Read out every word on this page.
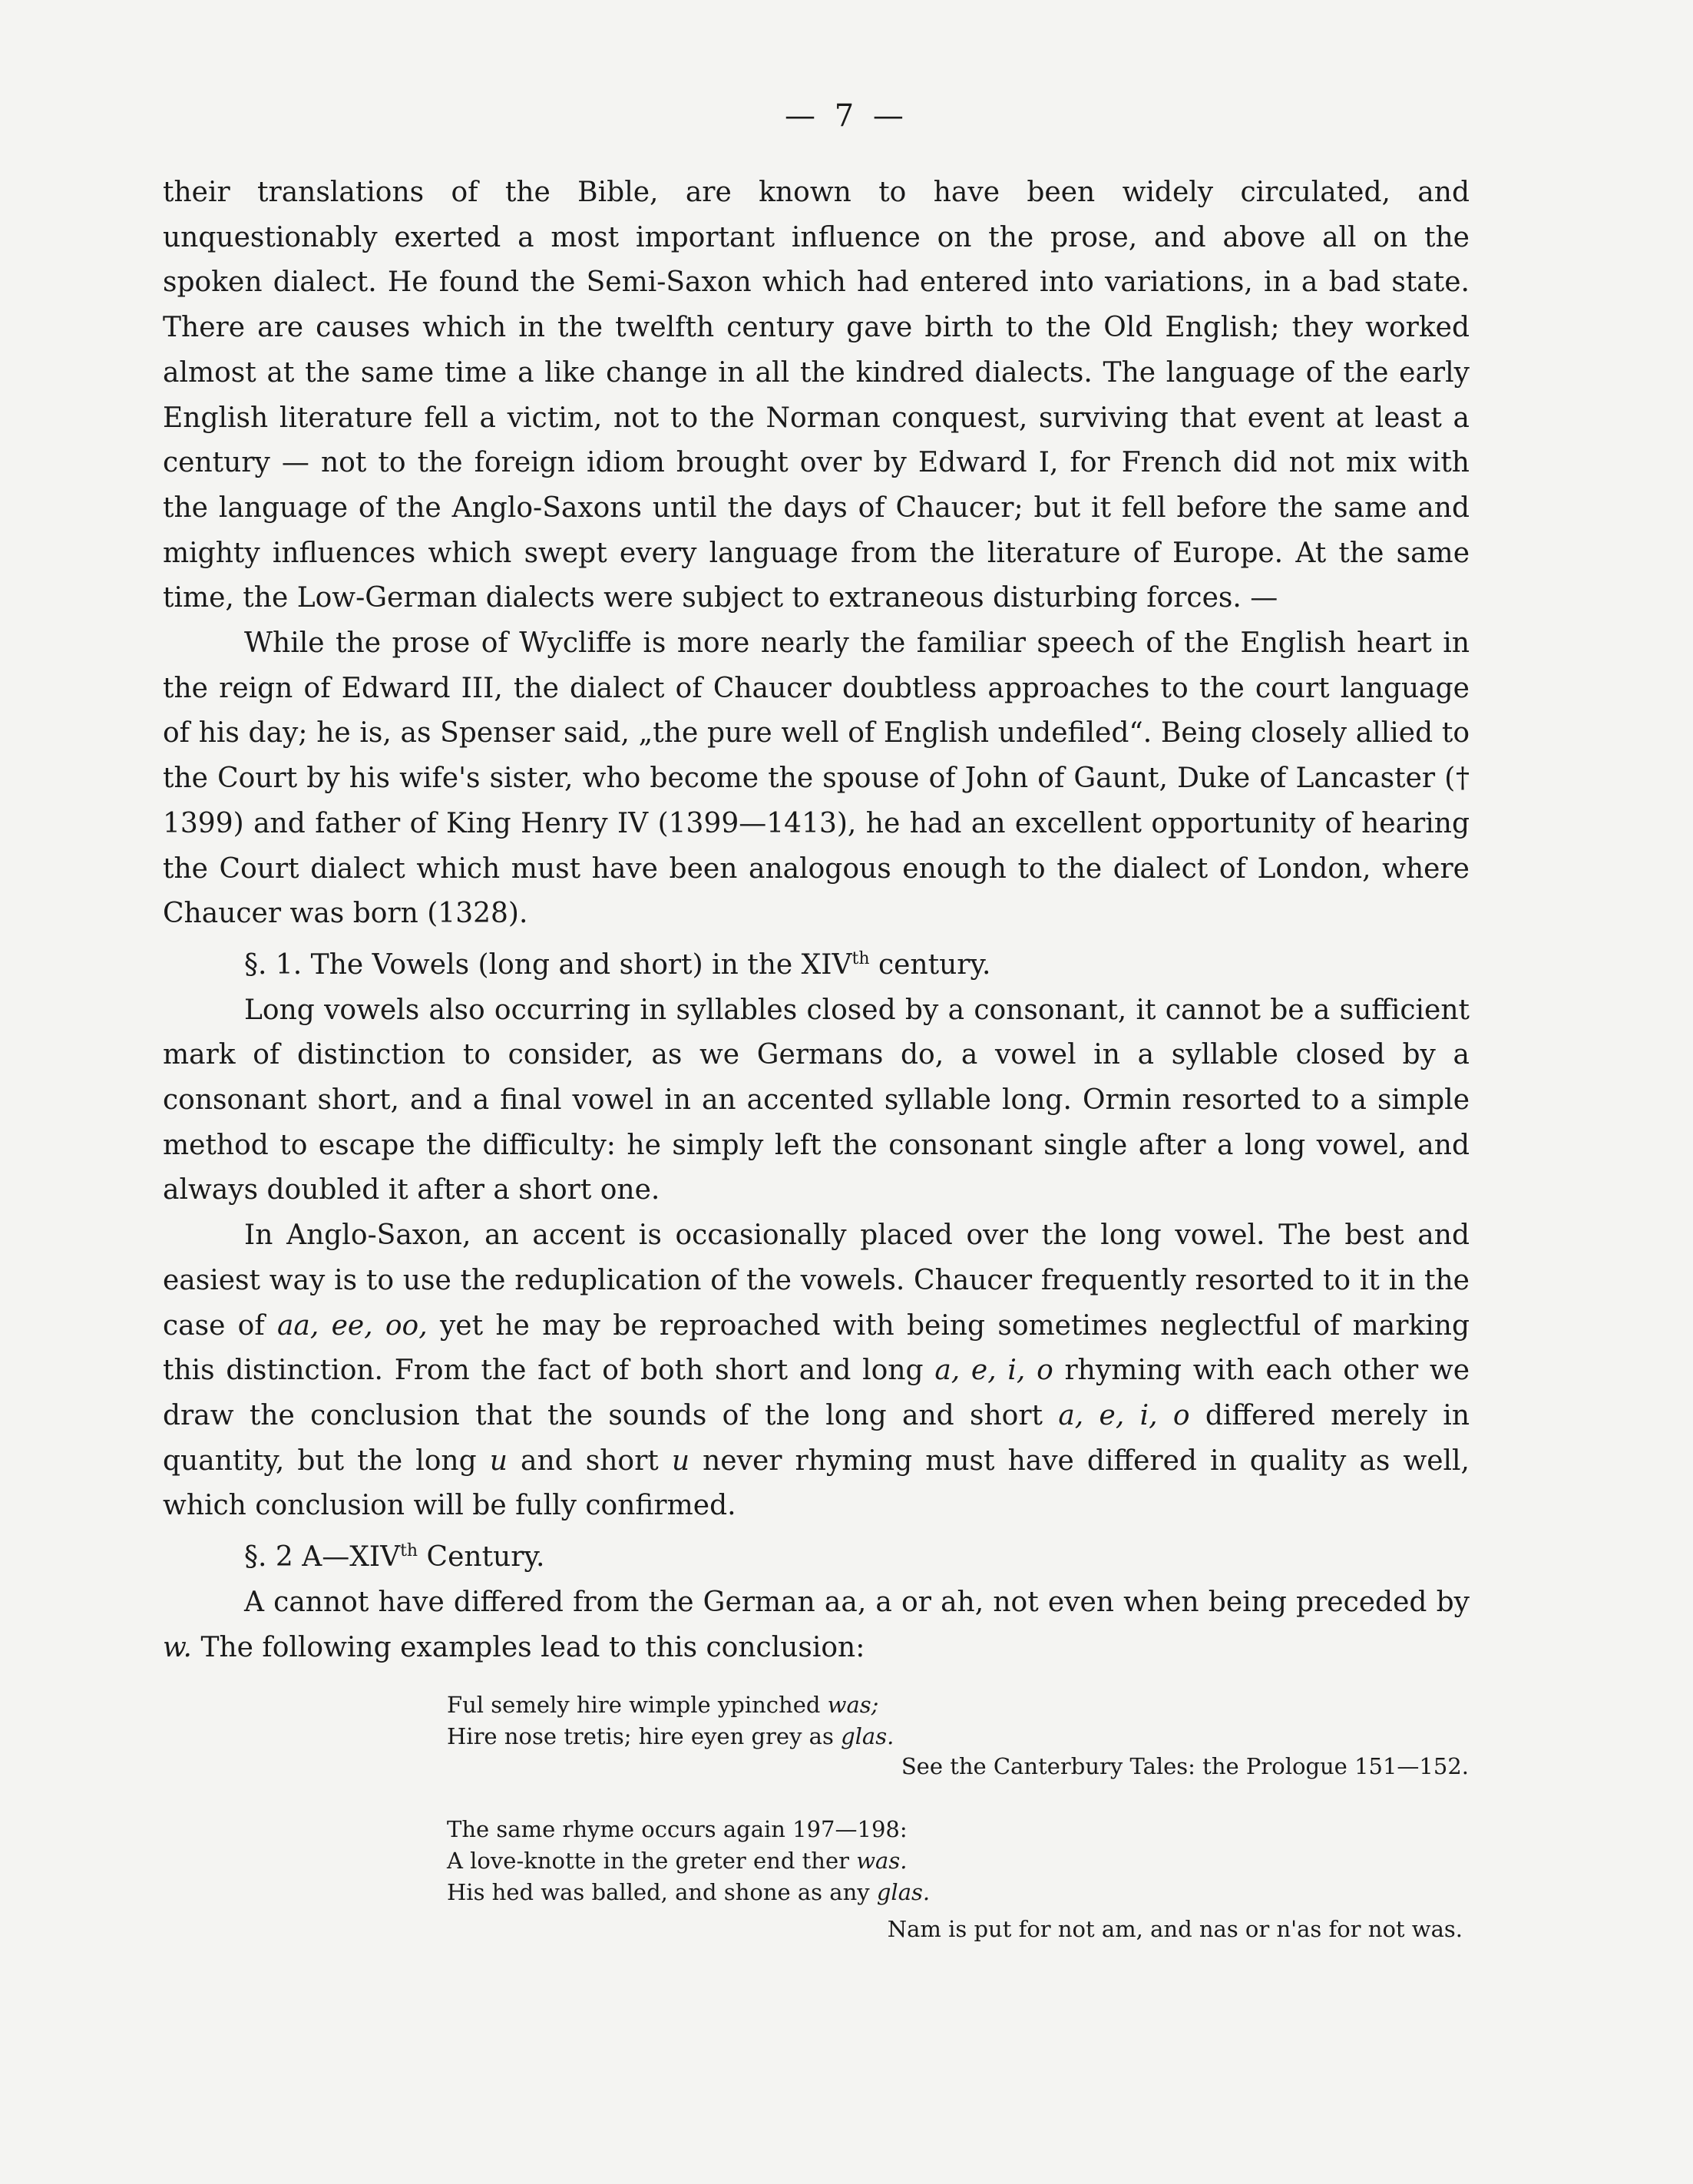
— 7 —

their translations of the Bible, are known to have been widely circulated, and unquestionably exerted a most important influence on the prose, and above all on the spoken dialect. He found the Semi-Saxon which had entered into variations, in a bad state. There are causes which in the twelfth century gave birth to the Old English; they worked almost at the same time a like change in all the kindred dialects. The language of the early English literature fell a victim, not to the Norman conquest, surviving that event at least a century — not to the foreign idiom brought over by Edward I, for French did not mix with the language of the Anglo-Saxons until the days of Chaucer; but it fell before the same and mighty influences which swept every language from the literature of Europe. At the same time, the Low-German dialects were subject to extraneous disturbing forces. —

While the prose of Wycliffe is more nearly the familiar speech of the English heart in the reign of Edward III, the dialect of Chaucer doubtless approaches to the court language of his day; he is, as Spenser said, „the pure well of English undefiled“. Being closely allied to the Court by his wife's sister, who become the spouse of John of Gaunt, Duke of Lancaster († 1399) and father of King Henry IV (1399—1413), he had an excellent opportunity of hearing the Court dialect which must have been analogous enough to the dialect of London, where Chaucer was born (1328).

§. 1. The Vowels (long and short) in the XIVth century.

Long vowels also occurring in syllables closed by a consonant, it cannot be a sufficient mark of distinction to consider, as we Germans do, a vowel in a syllable closed by a consonant short, and a final vowel in an accented syllable long. Ormin resorted to a simple method to escape the difficulty: he simply left the consonant single after a long vowel, and always doubled it after a short one.

In Anglo-Saxon, an accent is occasionally placed over the long vowel. The best and easiest way is to use the reduplication of the vowels. Chaucer frequently resorted to it in the case of aa, ee, oo, yet he may be reproached with being sometimes neglectful of marking this distinction. From the fact of both short and long a, e, i, o rhyming with each other we draw the conclusion that the sounds of the long and short a, e, i, o differed merely in quantity, but the long u and short u never rhyming must have differed in quality as well, which conclusion will be fully confirmed.

§. 2 A—XIVth Century.

A cannot have differed from the German aa, a or ah, not even when being preceded by w. The following examples lead to this conclusion:

Ful semely hire wimple ypinched was;
Hire nose tretis; hire eyen grey as glas.
See the Canterbury Tales: the Prologue 151—152.
The same rhyme occurs again 197—198:
A love-knotte in the greter end ther was.
His hed was balled, and shone as any glas.
Nam is put for not am, and nas or n'as for not was.
